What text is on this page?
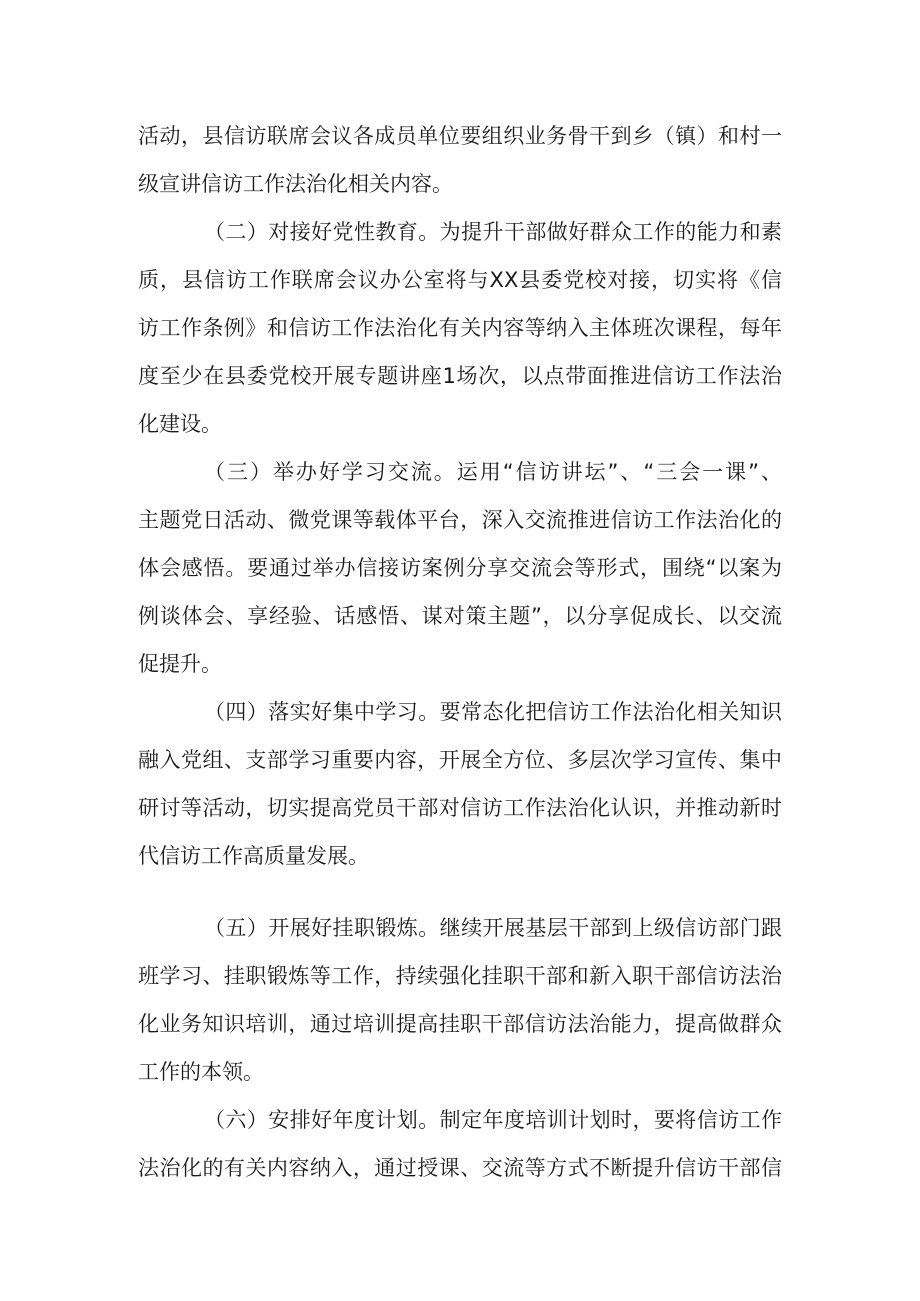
活动，县信访联席会议各成员单位要组织业务骨干到乡（镇）和村一
级宣讲信访工作法治化相关内容。
（二）对接好党性教育。为提升干部做好群众工作的能力和素
质，县信访工作联席会议办公室将与XX县委党校对接，切实将《信
访工作条例》和信访工作法治化有关内容等纳入主体班次课程，每年
度至少在县委党校开展专题讲座1场次，以点带面推进信访工作法治
化建设。
（三）举办好学习交流。运用“信访讲坛”、“三会一课”、
主题党日活动、微党课等载体平台，深入交流推进信访工作法治化的
体会感悟。要通过举办信接访案例分享交流会等形式，围绕“以案为
例谈体会、享经验、话感悟、谋对策主题”，以分享促成长、以交流
促提升。
（四）落实好集中学习。要常态化把信访工作法治化相关知识
融入党组、支部学习重要内容，开展全方位、多层次学习宣传、集中
研讨等活动，切实提高党员干部对信访工作法治化认识，并推动新时
代信访工作高质量发展。
（五）开展好挂职锻炼。继续开展基层干部到上级信访部门跟
班学习、挂职锻炼等工作，持续强化挂职干部和新入职干部信访法治
化业务知识培训，通过培训提高挂职干部信访法治能力，提高做群众
工作的本领。
（六）安排好年度计划。制定年度培训计划时，要将信访工作
法治化的有关内容纳入，通过授课、交流等方式不断提升信访干部信
